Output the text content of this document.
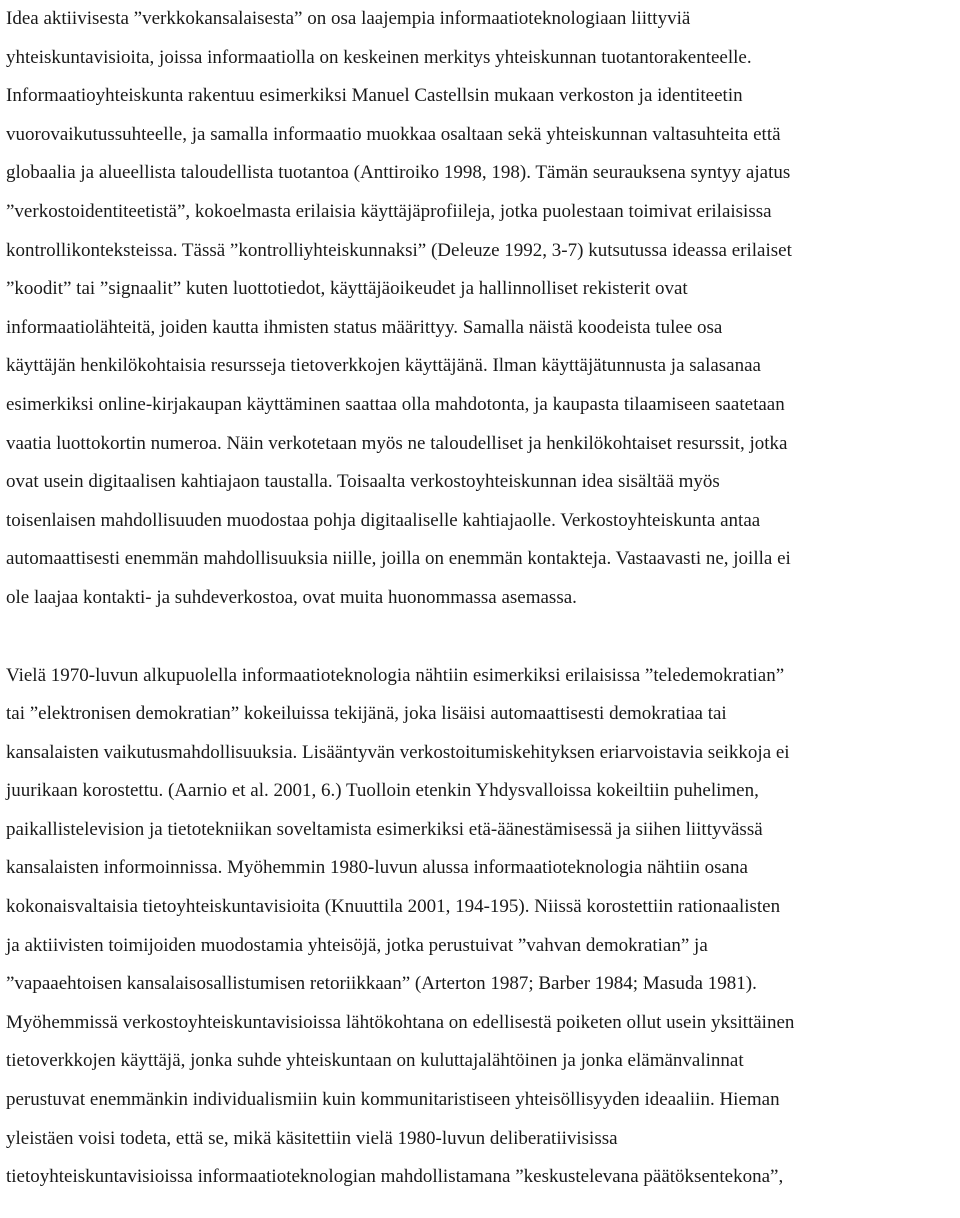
Idea aktiivisesta ”verkkokansalaisesta” on osa laajempia informaatioteknologiaan liittyviä
yhteiskuntavisioita, joissa informaatiolla on keskeinen merkitys yhteiskunnan tuotantorakenteelle.
Informaatioyhteiskunta rakentuu esimerkiksi Manuel Castellsin mukaan verkoston ja identiteetin
vuorovaikutussuhteelle, ja samalla informaatio muokkaa osaltaan sekä yhteiskunnan valtasuhteita että
globaalia ja alueellista taloudellista tuotantoa (Anttiroiko 1998, 198). Tämän seurauksena syntyy ajatus
”verkostoidentiteetistä”, kokoelmasta erilaisia käyttäjäprofiileja, jotka puolestaan toimivat erilaisissa
kontrollikonteksteissa. Tässä ”kontrolliyhteiskunnaksi” (Deleuze 1992, 3-7) kutsutussa ideassa erilaiset
”koodit” tai ”signaalit” kuten luottotiedot, käyttäjäoikeudet ja hallinnolliset rekisterit ovat
informaatiolähteitä, joiden kautta ihmisten status määrittyy. Samalla näistä koodeista tulee osa
käyttäjän henkilökohtaisia resursseja tietoverkkojen käyttäjänä. Ilman käyttäjätunnusta ja salasanaa
esimerkiksi online-kirjakaupan käyttäminen saattaa olla mahdotonta, ja kaupasta tilaamiseen saatetaan
vaatia luottokortin numeroa. Näin verkotetaan myös ne taloudelliset ja henkilökohtaiset resurssit, jotka
ovat usein digitaalisen kahtiajaon taustalla. Toisaalta verkostoyhteiskunnan idea sisältää myös
toisenlaisen mahdollisuuden muodostaa pohja digitaaliselle kahtiajaolle. Verkostoyhteiskunta antaa
automaattisesti enemmän mahdollisuuksia niille, joilla on enemmän kontakteja. Vastaavasti ne, joilla ei
ole laajaa kontakti- ja suhdeverkostoa, ovat muita huonommassa asemassa.
Vielä 1970-luvun alkupuolella informaatioteknologia nähtiin esimerkiksi erilaisissa ”teledemokratian”
tai ”elektronisen demokratian” kokeiluissa tekijänä, joka lisäisi automaattisesti demokratiaa tai
kansalaisten vaikutusmahdollisuuksia. Lisääntyvän verkostoitumiskehityksen eriarvoistavia seikkoja ei
juurikaan korostettu. (Aarnio et al. 2001, 6.) Tuolloin etenkin Yhdysvalloissa kokeiltiin puhelimen,
paikallistelevision ja tietotekniikan soveltamista esimerkiksi etä-äänestämisessä ja siihen liittyvässä
kansalaisten informoinnissa. Myöhemmin 1980-luvun alussa informaatioteknologia nähtiin osana
kokonaisvaltaisia tietoyhteiskuntavisioita (Knuuttila 2001, 194-195). Niissä korostettiin rationaalisten
ja aktiivisten toimijoiden muodostamia yhteisöjä, jotka perustuivat ”vahvan demokratian” ja
”vapaaehtoisen kansalaisosallistumisen retoriikkaan” (Arterton 1987; Barber 1984; Masuda 1981).
Myöhemmissä verkostoyhteiskuntavisioissa lähtökohtana on edellisestä poiketen ollut usein yksittäinen
tietoverkkojen käyttäjä, jonka suhde yhteiskuntaan on kuluttajalähtöinen ja jonka elämänvalinnat
perustuvat enemmänkin individualismiin kuin kommunitaristiseen yhteisöllisyyden ideaaliin. Hieman
yleistäen voisi todeta, että se, mikä käsitettiin vielä 1980-luvun deliberatiivisissa
tietoyhteiskuntavisioissa informaatioteknologian mahdollistamana ”keskustelevana päätöksentekona”,
